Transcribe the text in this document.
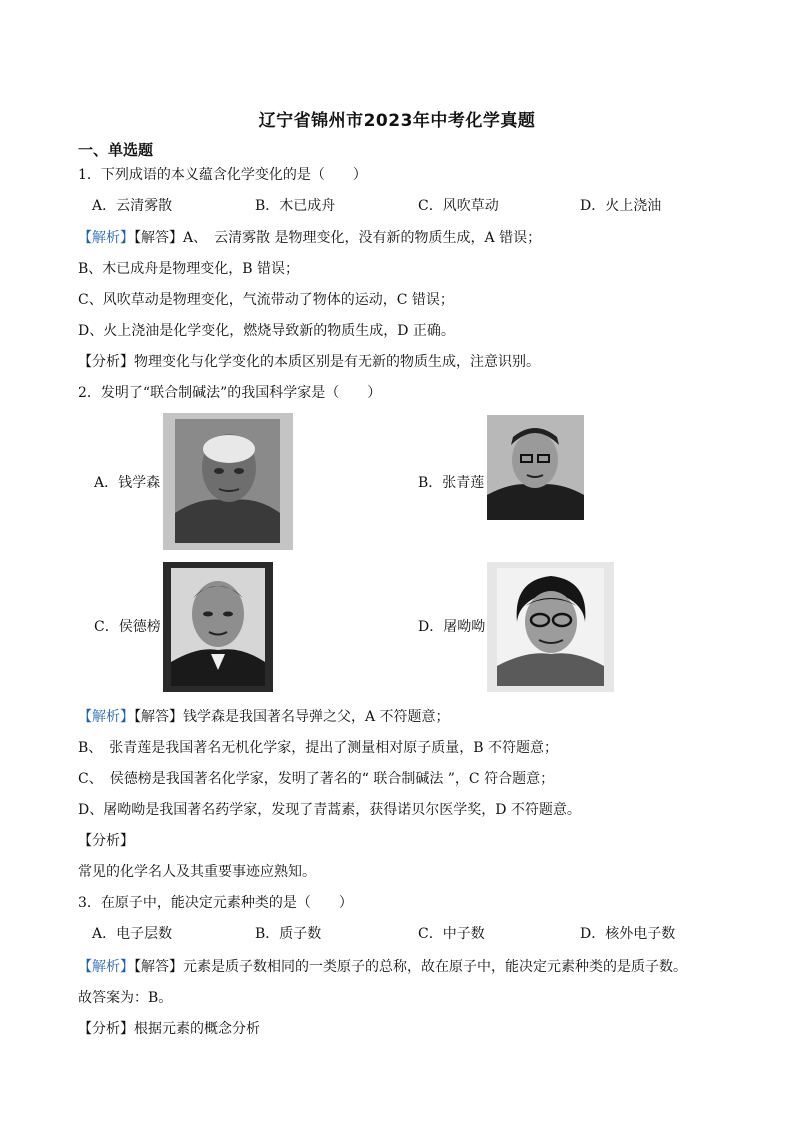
辽宁省锦州市2023年中考化学真题
一、单选题
1．下列成语的本义蕴含化学变化的是（　　）
A．云清雾散	B．木已成舟	C．风吹草动	D．火上浇油
【解析】【解答】A、　云清雾散 是物理变化，没有新的物质生成，A 错误；
B、木已成舟是物理变化，B 错误；
C、风吹草动是物理变化，气流带动了物体的运动，C 错误；
D、火上浇油是化学变化，燃烧导致新的物质生成，D 正确。
【分析】物理变化与化学变化的本质区别是有无新的物质生成，注意识别。
2．发明了“联合制碱法”的我国科学家是（　　）
A．钱学森	B．张青莲
C．侯德榜	D．屠呦呦
【解析】【解答】钱学森是我国著名导弹之父，A 不符题意；
B、　张青莲是我国著名无机化学家，提出了测量相对原子质量，B 不符题意；
C、　侯德榜是我国著名化学家，发明了著名的“ 联合制碱法 ”，C 符合题意；
D、屠呦呦是我国著名药学家，发现了青蒿素，获得诺贝尔医学奖，D 不符题意。
【分析】
常见的化学名人及其重要事迹应熟知。
3．在原子中，能决定元素种类的是（　　）
A．电子层数	B．质子数	C．中子数	D．核外电子数
【解析】【解答】元素是质子数相同的一类原子的总称，故在原子中，能决定元素种类的是质子数。
故答案为：B。
【分析】根据元素的概念分析
